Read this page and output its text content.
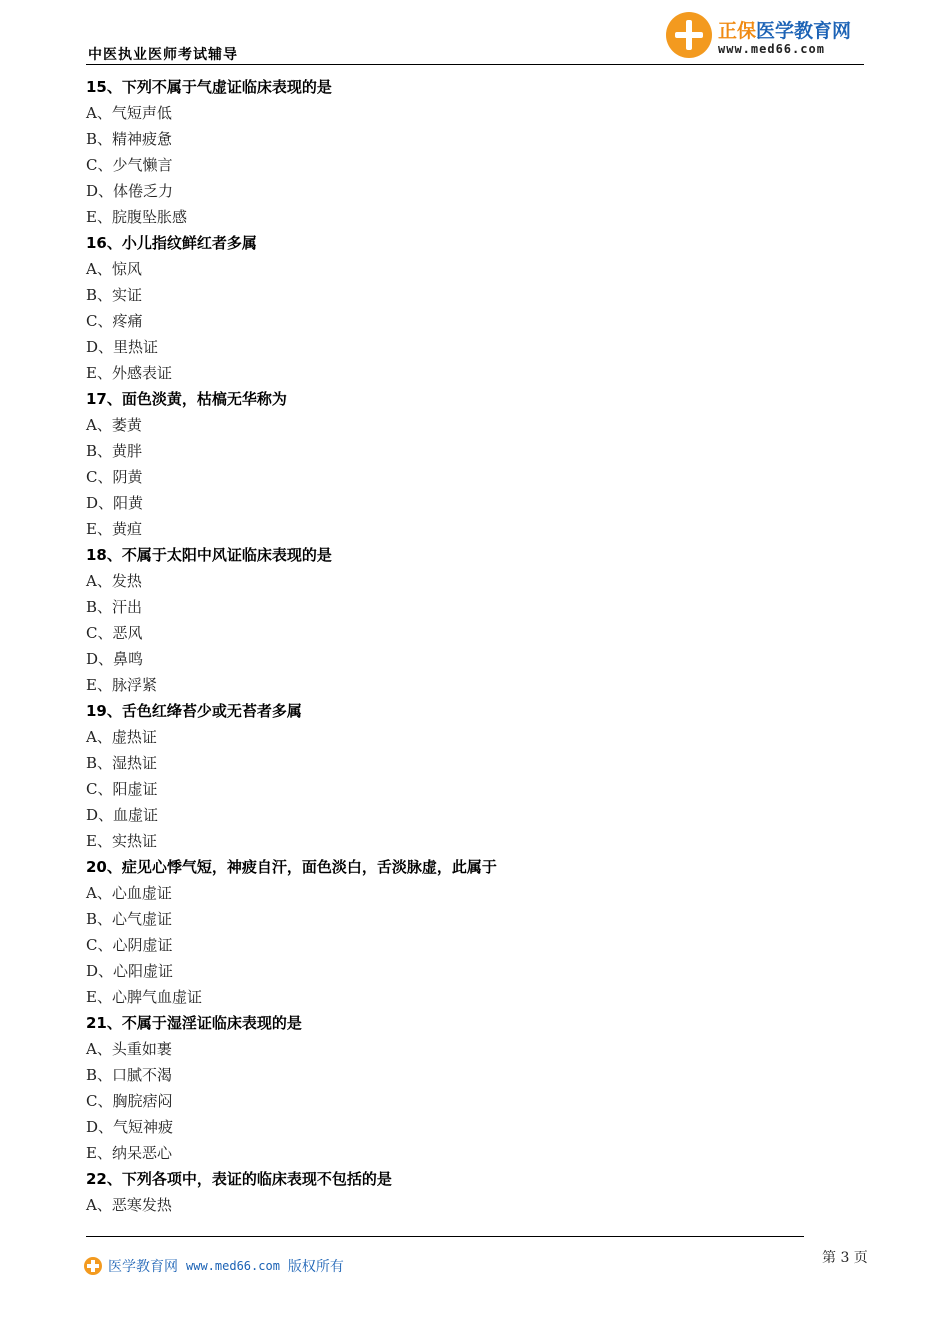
中医执业医师考试辅导
正保医学教育网
www.med66.com
15、下列不属于气虚证临床表现的是
A、气短声低
B、精神疲惫
C、少气懒言
D、体倦乏力
E、脘腹坠胀感
16、小儿指纹鲜红者多属
A、惊风
B、实证
C、疼痛
D、里热证
E、外感表证
17、面色淡黄，枯槁无华称为
A、萎黄
B、黄胖
C、阴黄
D、阳黄
E、黄疸
18、不属于太阳中风证临床表现的是
A、发热
B、汗出
C、恶风
D、鼻鸣
E、脉浮紧
19、舌色红绛苔少或无苔者多属
A、虚热证
B、湿热证
C、阳虚证
D、血虚证
E、实热证
20、症见心悸气短，神疲自汗，面色淡白，舌淡脉虚，此属于
A、心血虚证
B、心气虚证
C、心阴虚证
D、心阳虚证
E、心脾气血虚证
21、不属于湿淫证临床表现的是
A、头重如裹
B、口腻不渴
C、胸脘痞闷
D、气短神疲
E、纳呆恶心
22、下列各项中，表证的临床表现不包括的是
A、恶寒发热
医学教育网 www.med66.com 版权所有
第 3 页
